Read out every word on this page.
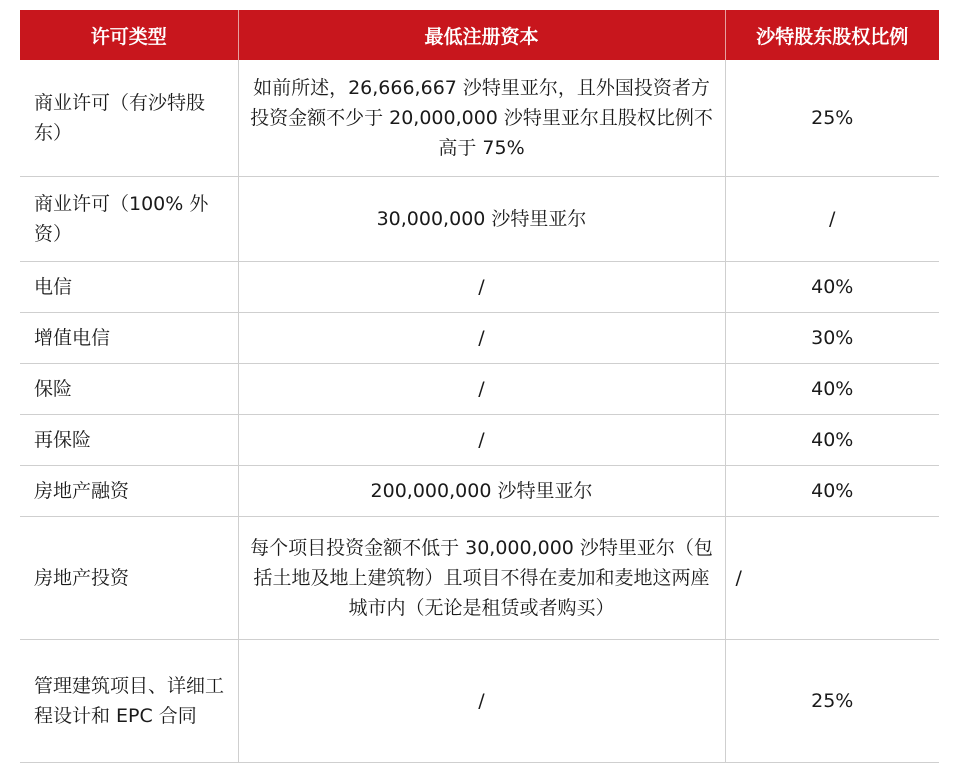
许可类型	最低注册资本	沙特股东股权比例
商业许可（有沙特股东）	如前所述，26,666,667 沙特里亚尔，且外国投资者方投资金额不少于 20,000,000 沙特里亚尔且股权比例不高于 75%	25%
商业许可（100% 外资）	30,000,000 沙特里亚尔	/
电信	/	40%
增值电信	/	30%
保险	/	40%
再保险	/	40%
房地产融资	200,000,000 沙特里亚尔	40%
房地产投资	每个项目投资金额不低于 30,000,000 沙特里亚尔（包括土地及地上建筑物）且项目不得在麦加和麦地这两座城市内（无论是租赁或者购买）	/
管理建筑项目、详细工程设计和 EPC 合同	/	25%
